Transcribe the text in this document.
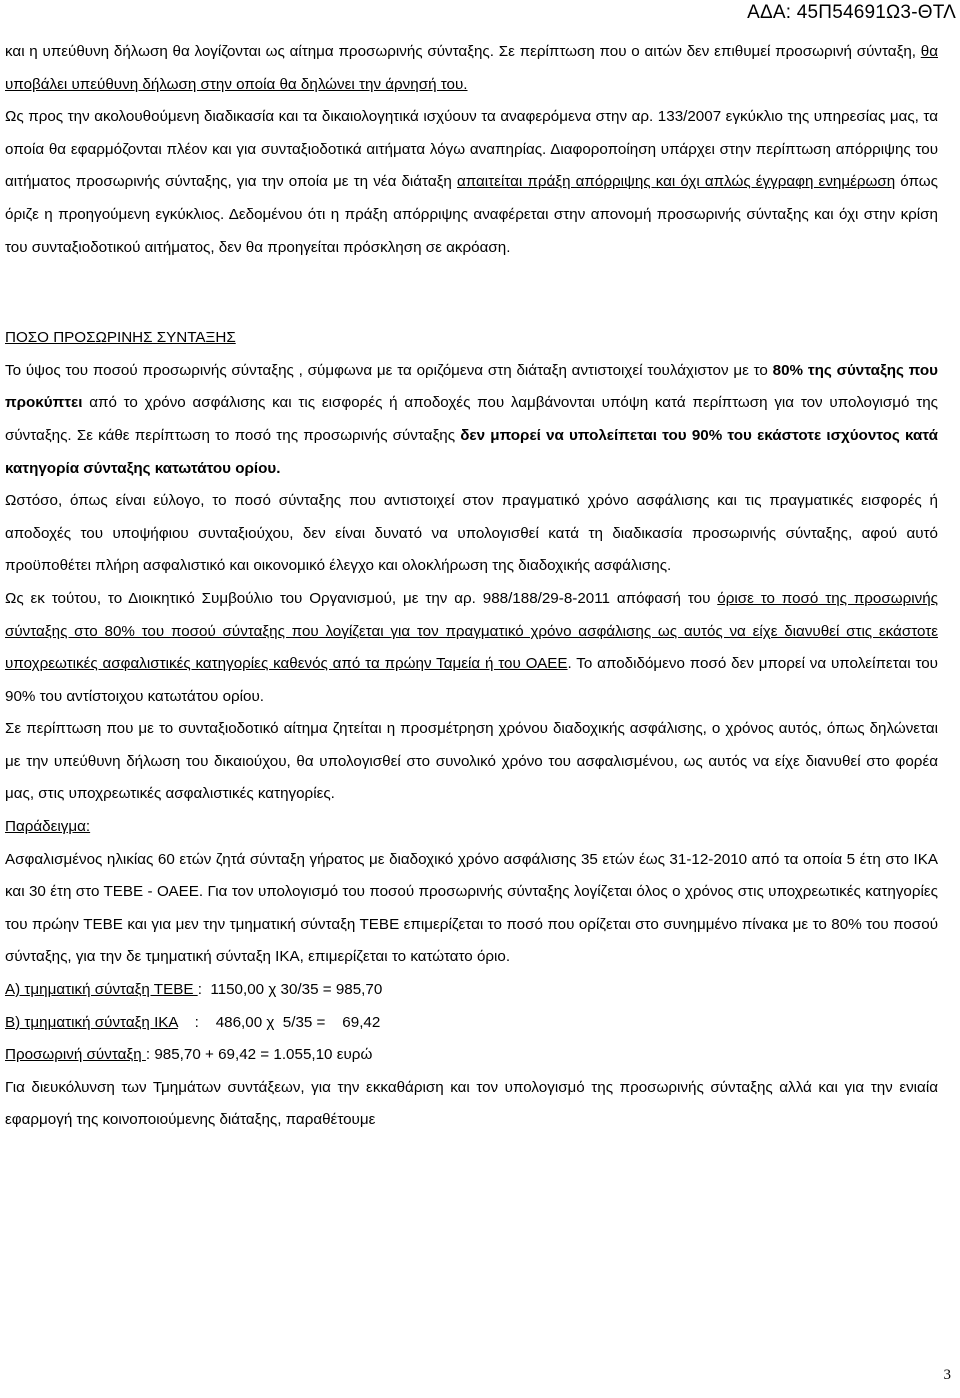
ΑΔΑ: 45Π54691Ω3-ΘΤΛ

και η υπεύθυνη δήλωση θα λογίζονται ως αίτημα προσωρινής σύνταξης. Σε περίπτωση που ο αιτών δεν επιθυμεί προσωρινή σύνταξη, θα υποβάλει υπεύθυνη δήλωση στην οποία θα δηλώνει την άρνησή του.

Ως προς την ακολουθούμενη διαδικασία και τα δικαιολογητικά ισχύουν τα αναφερόμενα στην αρ. 133/2007 εγκύκλιο της υπηρεσίας μας, τα οποία θα εφαρμόζονται πλέον και για συνταξιοδοτικά αιτήματα λόγω αναπηρίας. Διαφοροποίηση υπάρχει στην περίπτωση απόρριψης του αιτήματος προσωρινής σύνταξης, για την οποία με τη νέα διάταξη απαιτείται πράξη απόρριψης και όχι απλώς έγγραφη ενημέρωση όπως όριζε η προηγούμενη εγκύκλιος. Δεδομένου ότι η πράξη απόρριψης αναφέρεται στην απονομή προσωρινής σύνταξης και όχι στην κρίση του συνταξιοδοτικού αιτήματος, δεν θα προηγείται πρόσκληση σε ακρόαση.

ΠΟΣΟ ΠΡΟΣΩΡΙΝΗΣ ΣΥΝΤΑΞΗΣ

Το ύψος του ποσού προσωρινής σύνταξης , σύμφωνα με τα οριζόμενα στη διάταξη αντιστοιχεί τουλάχιστον με το 80% της σύνταξης που προκύπτει από το χρόνο ασφάλισης και τις εισφορές ή αποδοχές που λαμβάνονται υπόψη κατά περίπτωση για τον υπολογισμό της σύνταξης. Σε κάθε περίπτωση το ποσό της προσωρινής σύνταξης δεν μπορεί να υπολείπεται του 90% του εκάστοτε ισχύοντος κατά κατηγορία σύνταξης κατωτάτου ορίου.

Ωστόσο, όπως είναι εύλογο, το ποσό σύνταξης που αντιστοιχεί στον πραγματικό χρόνο ασφάλισης και τις πραγματικές εισφορές ή αποδοχές του υποψήφιου συνταξιούχου, δεν είναι δυνατό να υπολογισθεί κατά τη διαδικασία προσωρινής σύνταξης, αφού αυτό προϋποθέτει πλήρη ασφαλιστικό και οικονομικό έλεγχο και ολοκλήρωση της διαδοχικής ασφάλισης.

Ως εκ τούτου, το Διοικητικό Συμβούλιο του Οργανισμού, με την αρ. 988/188/29-8-2011 απόφασή του όρισε το ποσό της προσωρινής σύνταξης στο 80% του ποσού σύνταξης που λογίζεται για τον πραγματικό χρόνο ασφάλισης ως αυτός να είχε διανυθεί στις εκάστοτε υποχρεωτικές ασφαλιστικές κατηγορίες καθενός από τα πρώην Ταμεία ή του ΟΑΕΕ. Το αποδιδόμενο ποσό δεν μπορεί να υπολείπεται του 90% του αντίστοιχου κατωτάτου ορίου.

Σε περίπτωση που με το συνταξιοδοτικό αίτημα ζητείται η προσμέτρηση χρόνου διαδοχικής ασφάλισης, ο χρόνος αυτός, όπως δηλώνεται με την υπεύθυνη δήλωση του δικαιούχου, θα υπολογισθεί στο συνολικό χρόνο του ασφαλισμένου, ως αυτός να είχε διανυθεί στο φορέα μας, στις υποχρεωτικές ασφαλιστικές κατηγορίες.

Παράδειγμα:

Ασφαλισμένος ηλικίας 60 ετών ζητά σύνταξη γήρατος με διαδοχικό χρόνο ασφάλισης 35 ετών έως 31-12-2010 από τα οποία 5 έτη στο ΙΚΑ και 30 έτη στο ΤΕΒΕ - ΟΑΕΕ. Για τον υπολογισμό του ποσού προσωρινής σύνταξης λογίζεται όλος ο χρόνος στις υποχρεωτικές κατηγορίες του πρώην ΤΕΒΕ και για μεν την τμηματική σύνταξη ΤΕΒΕ επιμερίζεται το ποσό που ορίζεται στο συνημμένο πίνακα με το 80% του ποσού σύνταξης, για την δε τμηματική σύνταξη ΙΚΑ, επιμερίζεται το κατώτατο όριο.

Α) τμηματική σύνταξη ΤΕΒΕ :  1150,00 χ 30/35 = 985,70

Β) τμηματική σύνταξη ΙΚΑ    :    486,00 χ  5/35 =    69,42

Προσωρινή σύνταξη : 985,70 + 69,42 = 1.055,10 ευρώ

Για διευκόλυνση των Τμημάτων συντάξεων, για την εκκαθάριση και τον υπολογισμό της προσωρινής σύνταξης αλλά και για την ενιαία εφαρμογή της κοινοποιούμενης διάταξης, παραθέτουμε

3
